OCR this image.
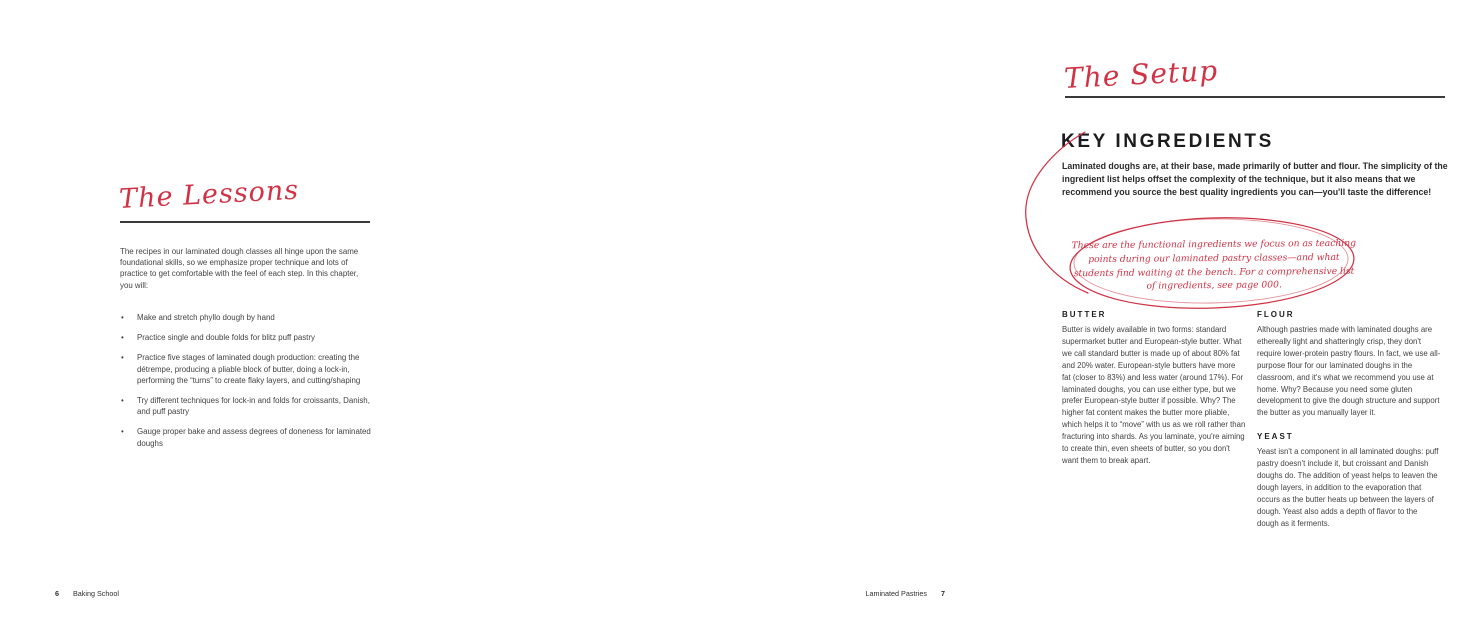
The Lessons

The recipes in our laminated dough classes all hinge upon the same foundational skills, so we emphasize proper technique and lots of practice to get comfortable with the feel of each step. In this chapter, you will:

• Make and stretch phyllo dough by hand
• Practice single and double folds for blitz puff pastry
• Practice five stages of laminated dough production: creating the détrempe, producing a pliable block of butter, doing a lock-in, performing the “turns” to create flaky layers, and cutting/shaping
• Try different techniques for lock-in and folds for croissants, Danish, and puff pastry
• Gauge proper bake and assess degrees of doneness for laminated doughs
6 Baking School
The Setup
KEY INGREDIENTS

Laminated doughs are, at their base, made primarily of butter and flour. The simplicity of the ingredient list helps offset the complexity of the technique, but it also means that we recommend you source the best quality ingredients you can—you'll taste the difference!

These are the functional ingredients we focus on as teaching points during our laminated pastry classes—and what students find waiting at the bench. For a comprehensive list of ingredients, see page 000.
BUTTER

Butter is widely available in two forms: standard supermarket butter and European-style butter. What we call standard butter is made up of about 80% fat and 20% water. European-style butters have more fat (closer to 83%) and less water (around 17%). For laminated doughs, you can use either type, but we prefer European-style butter if possible. Why? The higher fat content makes the butter more pliable, which helps it to “move” with us as we roll rather than fracturing into shards. As you laminate, you're aiming to create thin, even sheets of butter, so you don't want them to break apart.

FLOUR

Although pastries made with laminated doughs are ethereally light and shatteringly crisp, they don't require lower-protein pastry flours. In fact, we use all-purpose flour for our laminated doughs in the classroom, and it's what we recommend you use at home. Why? Because you need some gluten development to give the dough structure and support the butter as you manually layer it.

YEAST

Yeast isn't a component in all laminated doughs: puff pastry doesn't include it, but croissant and Danish doughs do. The addition of yeast helps to leaven the dough layers, in addition to the evaporation that occurs as the butter heats up between the layers of dough. Yeast also adds a depth of flavor to the dough as it ferments.

Laminated Pastries 7
